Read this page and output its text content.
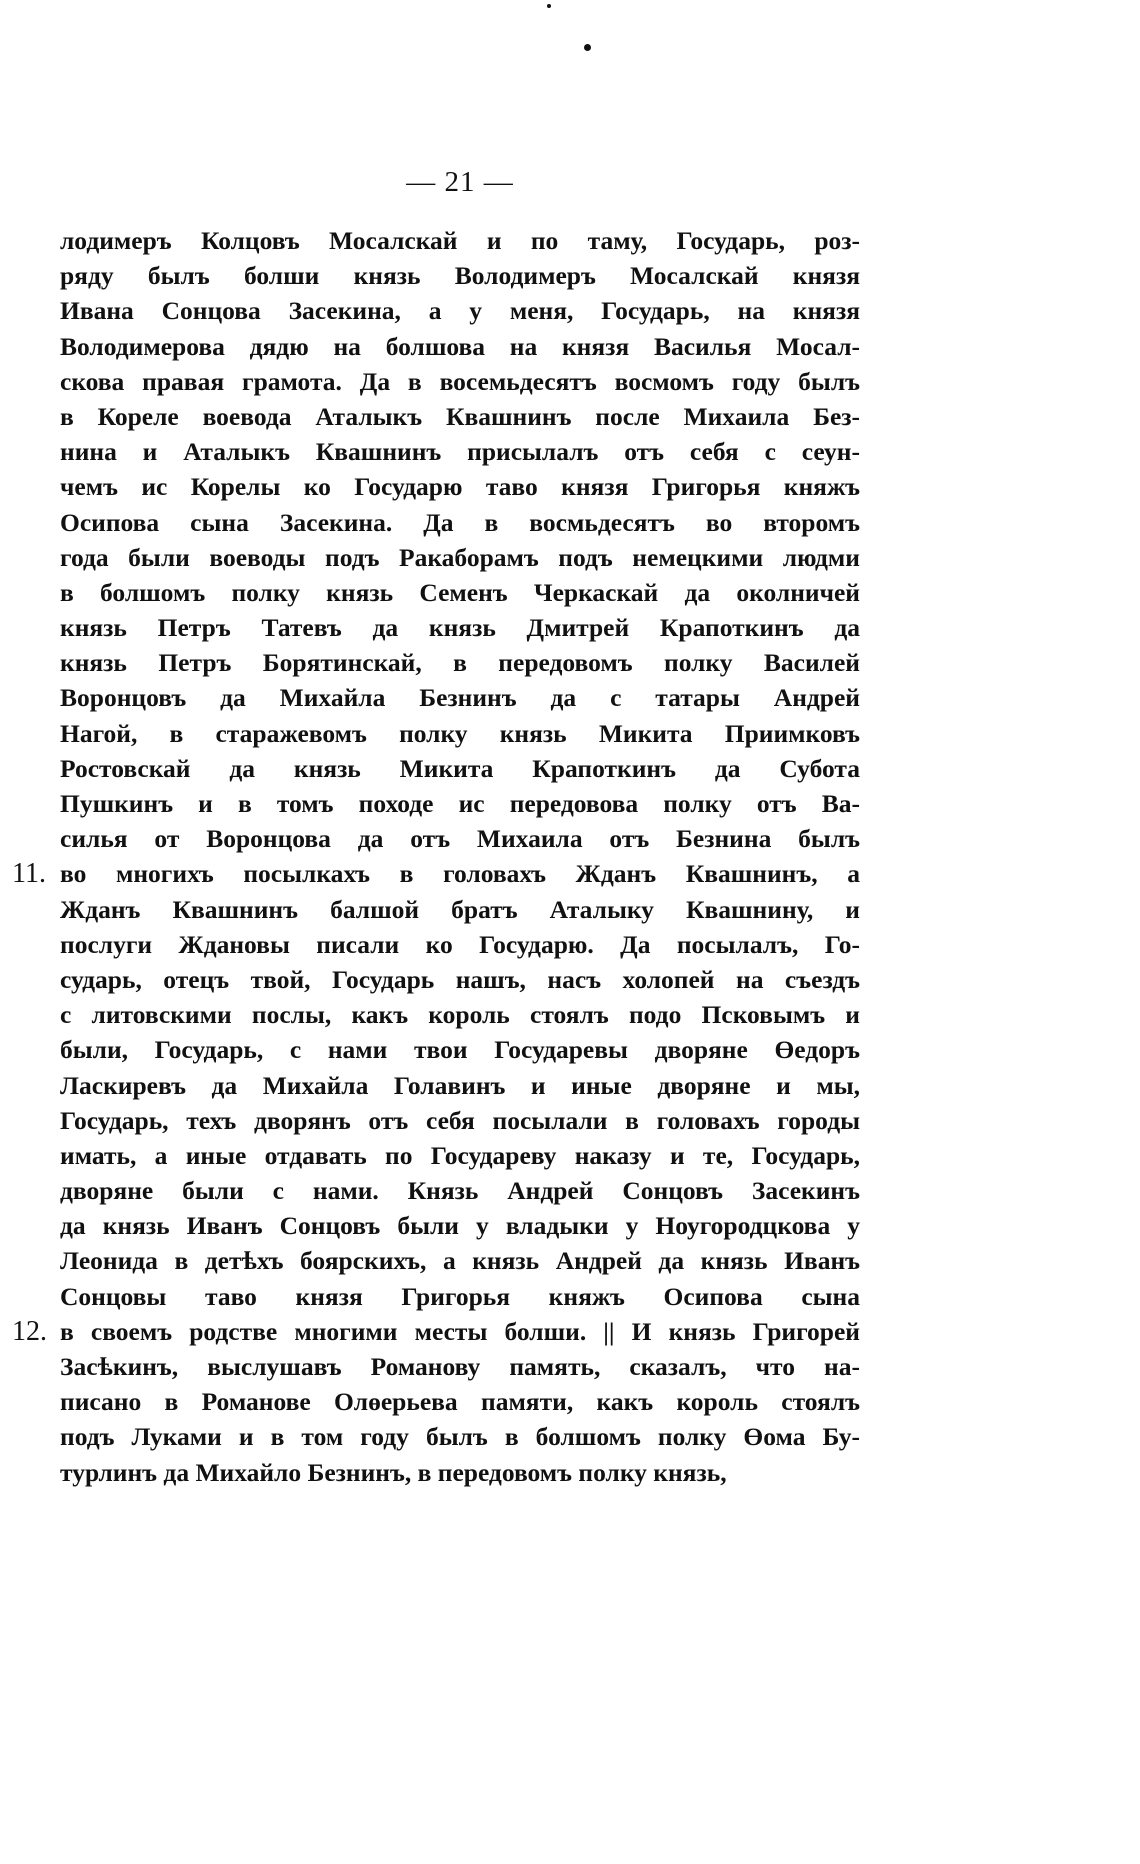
— 21 —
лодимеръ Колцовъ Мосалскай и по таму, Государь, роз-
ряду былъ болши князь Володимеръ Мосалскай князя
Ивана Сонцова Засекина, а у меня, Государь, на князя
Володимерова дядю на болшова на князя Василья Мосал-
скова правая грамота. Да в восемьдесятъ восмомъ году былъ
в Кореле воевода Аталыкъ Квашнинъ после Михаила Без-
нина и Аталыкъ Квашнинъ присылалъ отъ себя с сеун-
чемъ ис Корелы ко Государю таво князя Григорья княжъ
Осипова сына Засекина. Да в восмьдесятъ во второмъ
года были воеводы подъ Ракаборамъ подъ немецкими людми
в болшомъ полку князь Семенъ Черкаскай да околничей
князь Петръ Татевъ да князь Дмитрей Крапоткинъ да
князь Петръ Борятинскай, в передовомъ полку Василей
Воронцовъ да Михайла Безнинъ да с татары Андрей
Нагой, в старажевомъ полку князь Микита Приимковъ
Ростовскай да князь Микита Крапоткинъ да Субота
Пушкинъ и в томъ походе ис передовова полку отъ Ва-
силья от Воронцова да отъ Михаила отъ Безнина былъ
11. во многихъ посылкахъ в головахъ Жданъ Квашнинъ, а
Жданъ Квашнинъ балшой братъ Аталыку Квашнину, и
послуги Ждановы писали ко Государю. Да посылалъ, Го-
сударь, отецъ твой, Государь нашъ, насъ холопей на съездъ
с литовскими послы, какъ король стоялъ подо Псковымъ и
были, Государь, с нами твои Государевы дворяне Өедоръ
Ласкиревъ да Михайла Голавинъ и иные дворяне и мы,
Государь, техъ дворянъ отъ себя посылали в головахъ городы
имать, а иные отдавать по Государеву наказу и те, Государь,
дворяне были с нами. Князь Андрей Сонцовъ Засекинъ
да князь Иванъ Сонцовъ были у владыки у Ноугородцкова у
Леонида в детѣхъ боярскихъ, а князь Андрей да князь Иванъ
Сонцовы таво князя Григорья княжъ Осипова сына
12. в своемъ родстве многими месты болши. || И князь Григорей
Засѣкинъ, выслушавъ Романову память, сказалъ, что на-
писано в Романове Олөерьева памяти, какъ король стоялъ
подъ Луками и в том году былъ в болшомъ полку Өома Бу-
турлинъ да Михайло Безнинъ, в передовомъ полку князь,
